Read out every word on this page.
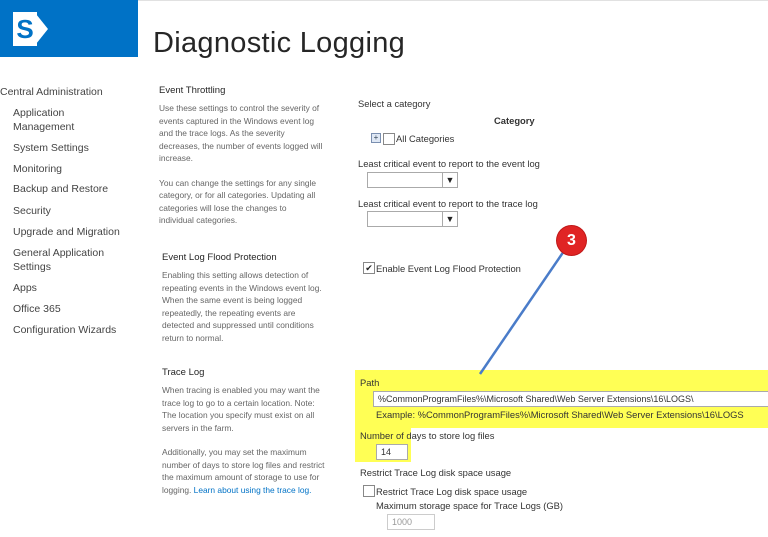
S	Diagnostic Logging
Central Administration
Application
Management
System Settings
Monitoring
Backup and Restore
Security
Upgrade and Migration
General Application
Settings
Apps
Office 365
Configuration Wizards
Event Throttling
Use these settings to control the severity of
events captured in the Windows event log
and the trace logs. As the severity
decreases, the number of events logged will
increase.
You can change the settings for any single
category, or for all categories. Updating all
categories will lose the changes to
individual categories.
Select a category
Category
+ All Categories
Least critical event to report to the event log
▼
Least critical event to report to the trace log
▼
Event Log Flood Protection
Enabling this setting allows detection of
repeating events in the Windows event log.
When the same event is being logged
repeatedly, the repeating events are
detected and suppressed until conditions
return to normal.
✔ Enable Event Log Flood Protection
Trace Log
When tracing is enabled you may want the
trace log to go to a certain location. Note:
The location you specify must exist on all
servers in the farm.
Additionally, you may set the maximum
number of days to store log files and restrict
the maximum amount of storage to use for
logging. Learn about using the trace log.
Path
%CommonProgramFiles%\Microsoft Shared\Web Server Extensions\16\LOGS\
Example: %CommonProgramFiles%\Microsoft Shared\Web Server Extensions\16\LOGS
Number of days to store log files
14
Restrict Trace Log disk space usage
Restrict Trace Log disk space usage
Maximum storage space for Trace Logs (GB)
1000
3
